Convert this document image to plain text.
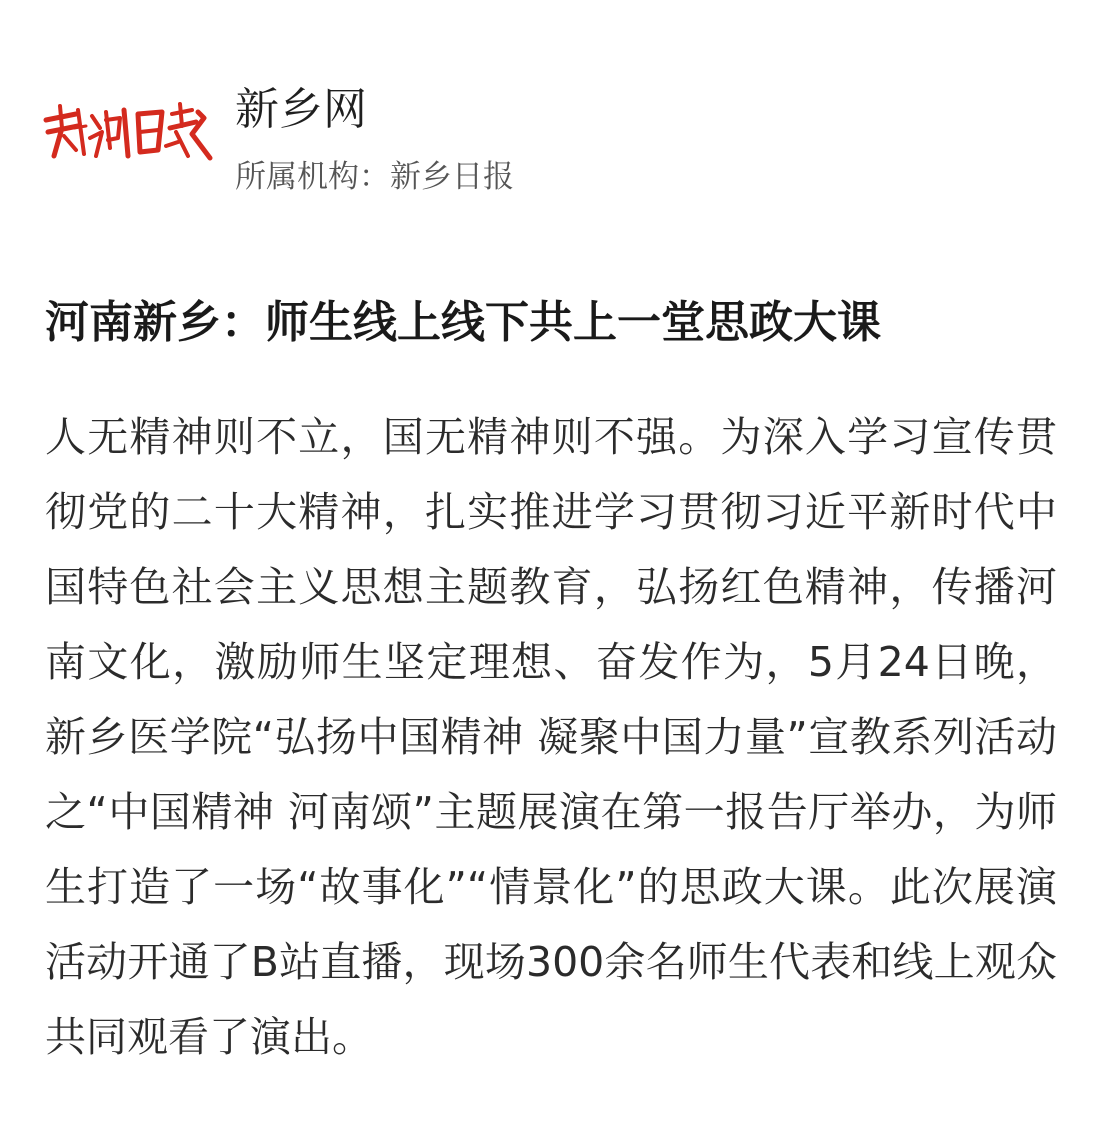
新乡网
所属机构：新乡日报
河南新乡：师生线上线下共上一堂思政大课

人无精神则不立，国无精神则不强。为深入学习宣传贯彻党的二十大精神，扎实推进学习贯彻习近平新时代中国特色社会主义思想主题教育，弘扬红色精神，传播河南文化，激励师生坚定理想、奋发作为，5月24日晚，新乡医学院“弘扬中国精神 凝聚中国力量”宣教系列活动之“中国精神 河南颂”主题展演在第一报告厅举办，为师生打造了一场“故事化”“情景化”的思政大课。此次展演活动开通了B站直播，现场300余名师生代表和线上观众共同观看了演出。
